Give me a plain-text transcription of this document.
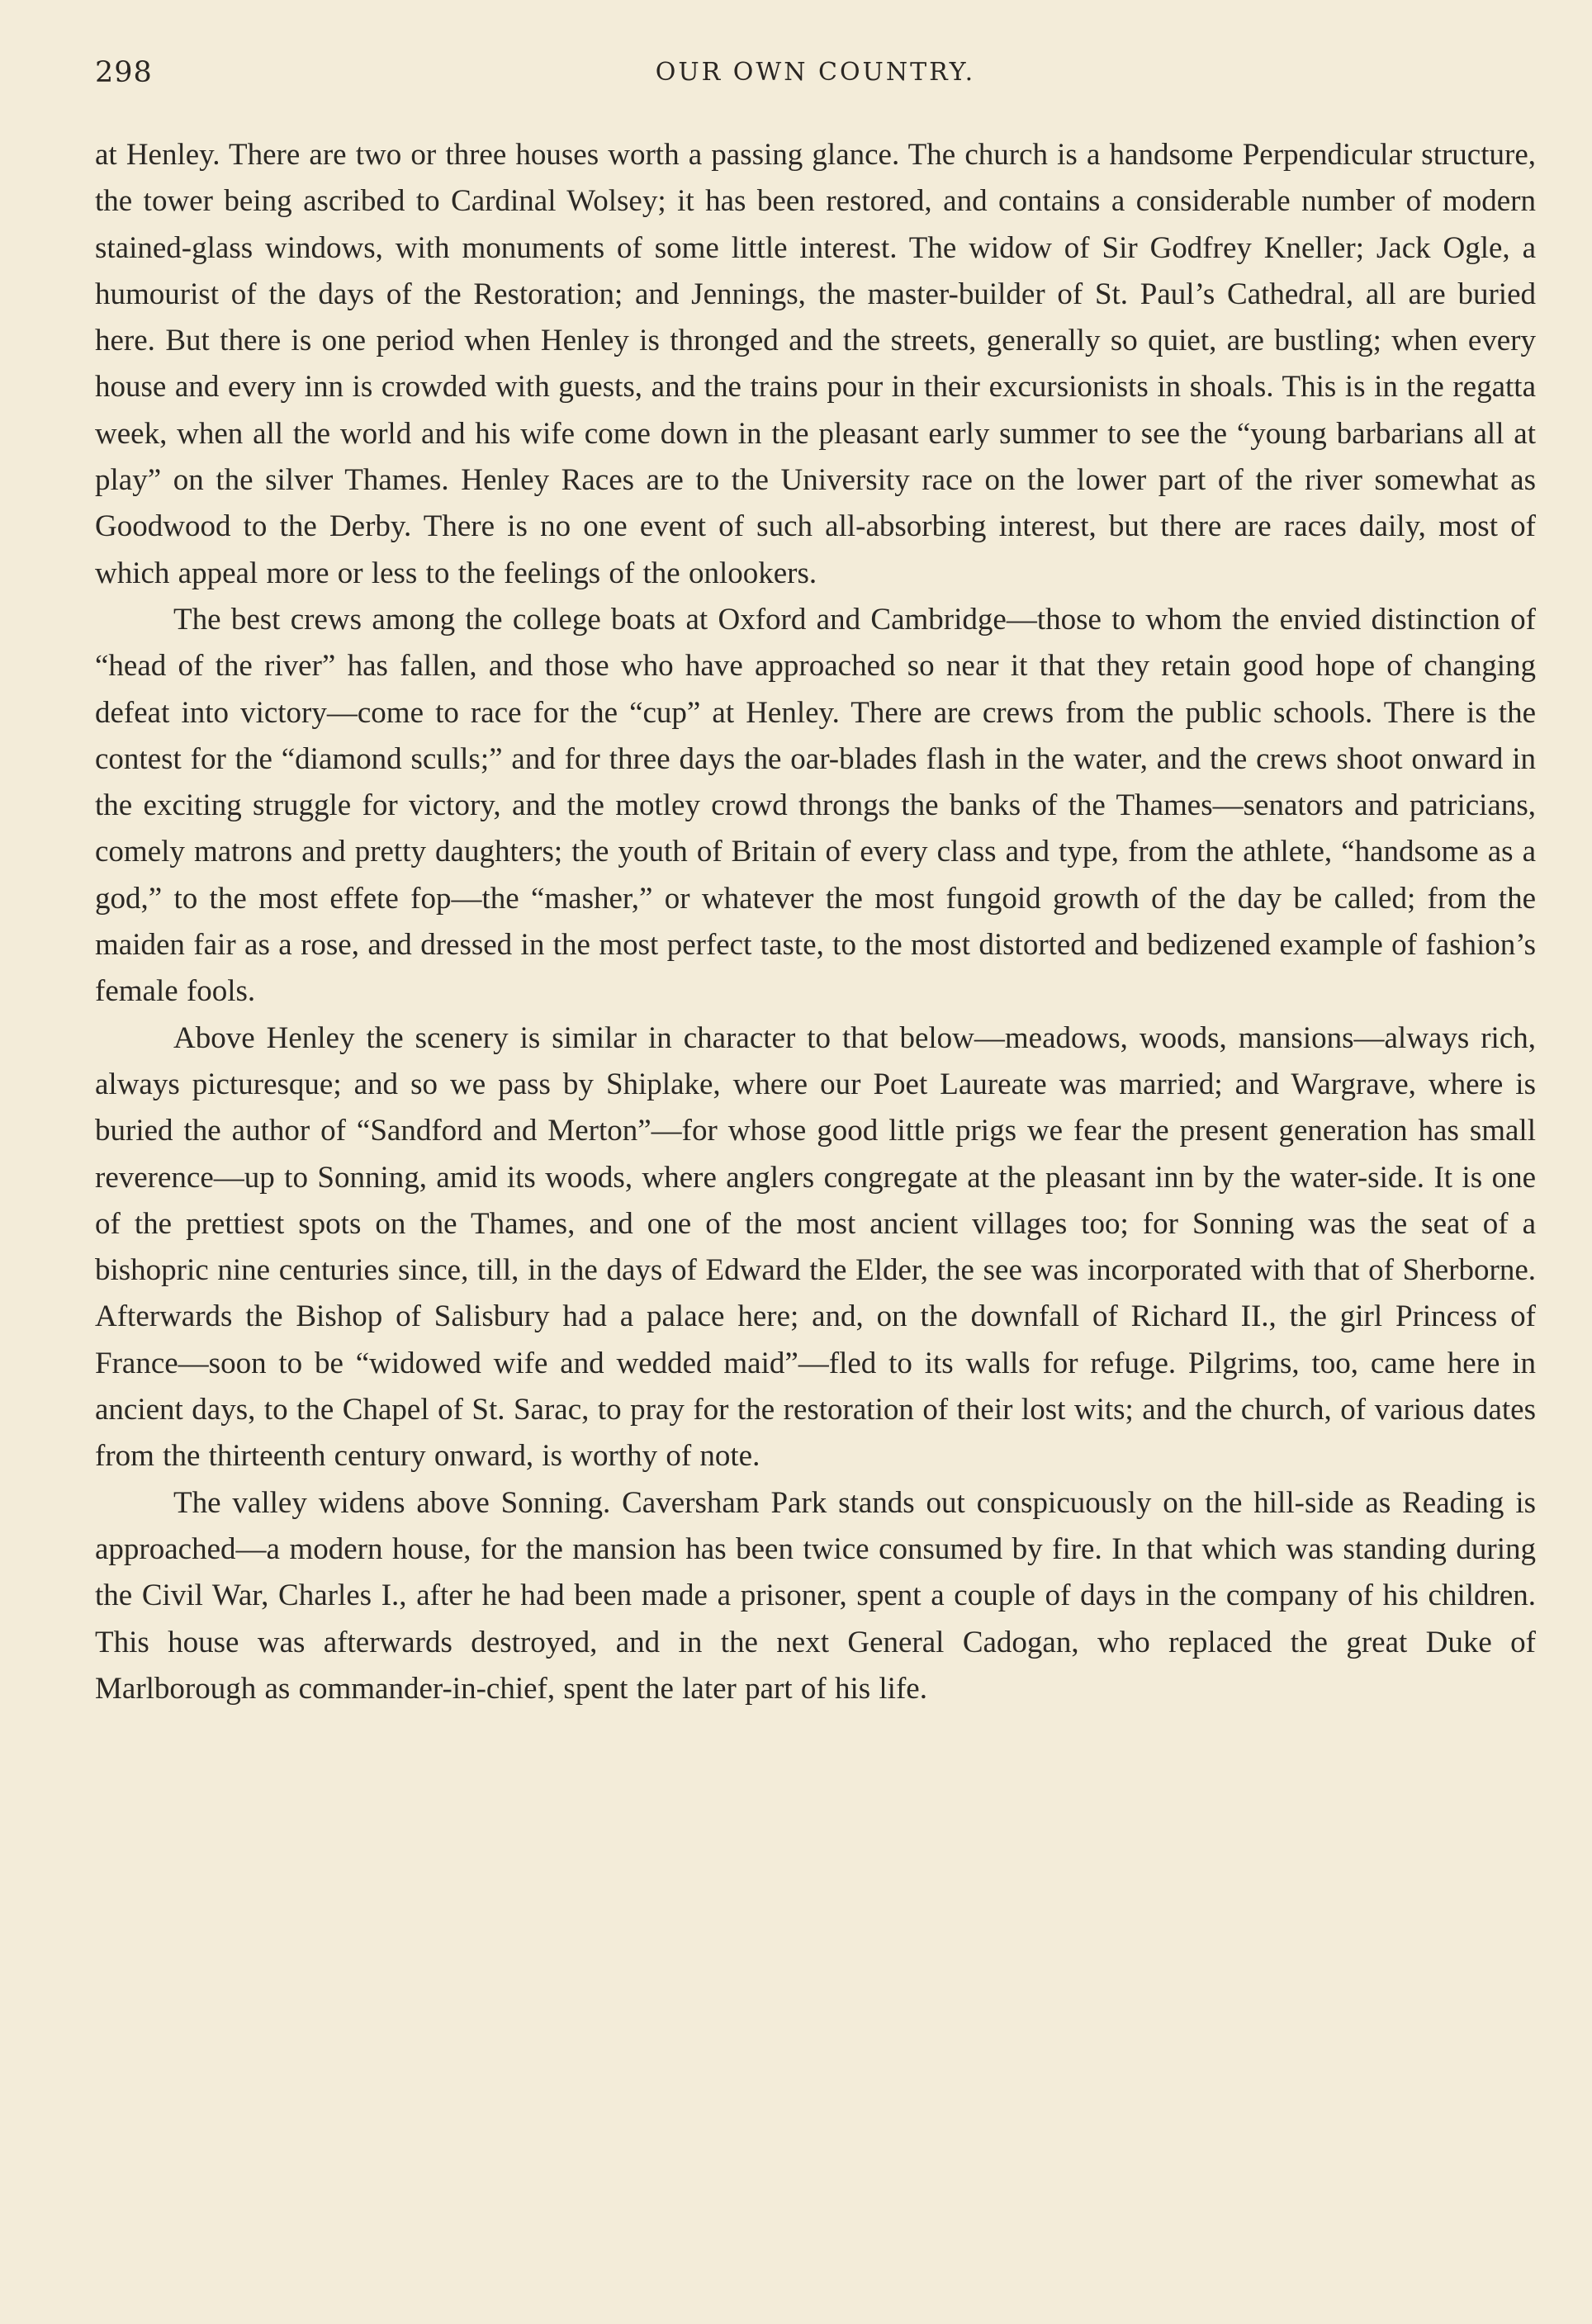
298	OUR OWN COUNTRY.

at Henley. There are two or three houses worth a passing glance. The church is a handsome Perpendicular structure, the tower being ascribed to Cardinal Wolsey; it has been restored, and contains a considerable number of modern stained-glass windows, with monuments of some little interest. The widow of Sir Godfrey Kneller; Jack Ogle, a humourist of the days of the Restoration; and Jennings, the master-builder of St. Paul’s Cathedral, all are buried here. But there is one period when Henley is thronged and the streets, generally so quiet, are bustling; when every house and every inn is crowded with guests, and the trains pour in their excursionists in shoals. This is in the regatta week, when all the world and his wife come down in the pleasant early summer to see the “young barbarians all at play” on the silver Thames. Henley Races are to the University race on the lower part of the river somewhat as Goodwood to the Derby. There is no one event of such all-absorbing interest, but there are races daily, most of which appeal more or less to the feelings of the onlookers.

The best crews among the college boats at Oxford and Cambridge—those to whom the envied distinction of “head of the river” has fallen, and those who have approached so near it that they retain good hope of changing defeat into victory—come to race for the “cup” at Henley. There are crews from the public schools. There is the contest for the “diamond sculls;” and for three days the oar-blades flash in the water, and the crews shoot onward in the exciting struggle for victory, and the motley crowd throngs the banks of the Thames—senators and patricians, comely matrons and pretty daughters; the youth of Britain of every class and type, from the athlete, “handsome as a god,” to the most effete fop—the “masher,” or whatever the most fungoid growth of the day be called; from the maiden fair as a rose, and dressed in the most perfect taste, to the most distorted and bedizened example of fashion’s female fools.

Above Henley the scenery is similar in character to that below—meadows, woods, mansions—always rich, always picturesque; and so we pass by Shiplake, where our Poet Laureate was married; and Wargrave, where is buried the author of “Sandford and Merton”—for whose good little prigs we fear the present generation has small reverence—up to Sonning, amid its woods, where anglers congregate at the pleasant inn by the water-side. It is one of the prettiest spots on the Thames, and one of the most ancient villages too; for Sonning was the seat of a bishopric nine centuries since, till, in the days of Edward the Elder, the see was incorporated with that of Sherborne. Afterwards the Bishop of Salisbury had a palace here; and, on the downfall of Richard II., the girl Princess of France—soon to be “widowed wife and wedded maid”—fled to its walls for refuge. Pilgrims, too, came here in ancient days, to the Chapel of St. Sarac, to pray for the restoration of their lost wits; and the church, of various dates from the thirteenth century onward, is worthy of note.

The valley widens above Sonning. Caversham Park stands out conspicuously on the hill-side as Reading is approached—a modern house, for the mansion has been twice consumed by fire. In that which was standing during the Civil War, Charles I., after he had been made a prisoner, spent a couple of days in the company of his children. This house was afterwards destroyed, and in the next General Cadogan, who replaced the great Duke of Marlborough as commander-in-chief, spent the later part of his life.
